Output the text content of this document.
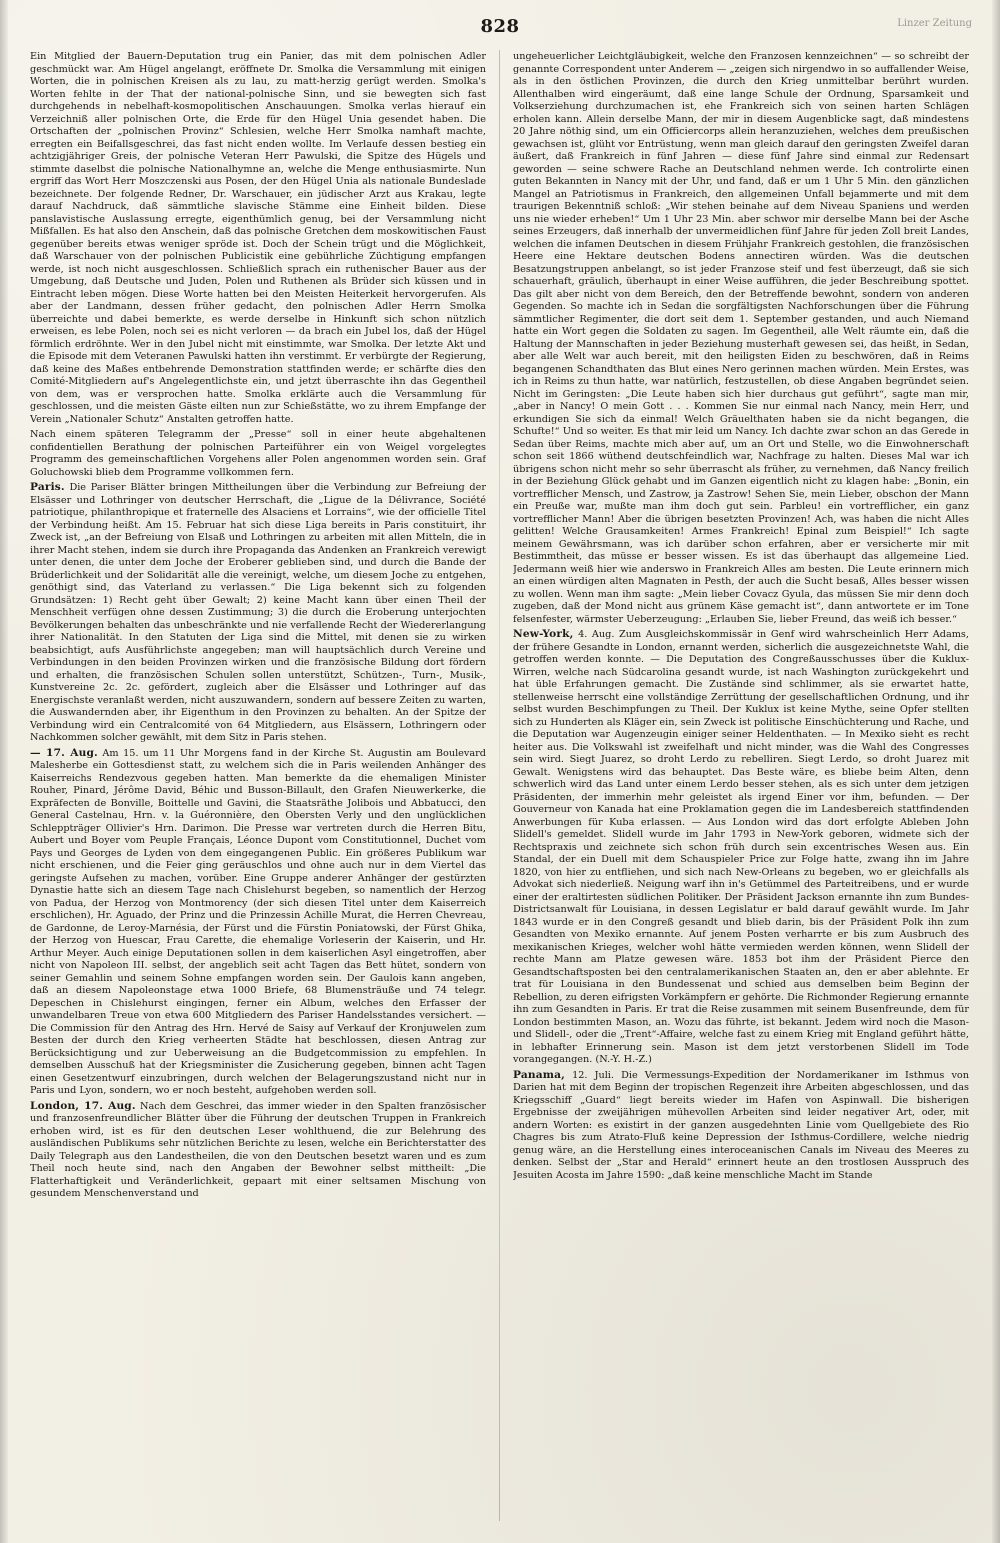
828	Linzer Zeitung

Ein Mitglied der Bauern-Deputation trug ein Panier, das mit dem polnischen Adler geschmückt war. Am Hügel angelangt, eröffnete Dr. Smolka die Versammlung mit einigen Worten, die in polnischen Kreisen als zu lau, zu matt-herzig gerügt werden. Smolka's Worten fehlte in der That der national-polnische Sinn, und sie bewegten sich fast durchgehends in nebelhaft-kosmopolitischen Anschauungen. Smolka verlas hierauf ein Verzeichniß aller polnischen Orte, die Erde für den Hügel Unia gesendet haben. Die Ortschaften der „polnischen Provinz“ Schlesien, welche Herr Smolka namhaft machte, erregten ein Beifallsgeschrei, das fast nicht enden wollte. Im Verlaufe dessen bestieg ein achtzigjähriger Greis, der polnische Veteran Herr Pawulski, die Spitze des Hügels und stimmte daselbst die polnische Nationalhymne an, welche die Menge enthusiasmirte. Nun ergriff das Wort Herr Moszczenski aus Posen, der den Hügel Unia als nationale Bundeslade bezeichnete. Der folgende Redner, Dr. Warschauer, ein jüdischer Arzt aus Krakau, legte darauf Nachdruck, daß sämmtliche slavische Stämme eine Einheit bilden. Diese panslavistische Auslassung erregte, eigenthümlich genug, bei der Versammlung nicht Mißfallen. Es hat also den Anschein, daß das polnische Gretchen dem moskowitischen Faust gegenüber bereits etwas weniger spröde ist. Doch der Schein trügt und die Möglichkeit, daß Warschauer von der polnischen Publicistik eine gebührliche Züchtigung empfangen werde, ist noch nicht ausgeschlossen. Schließlich sprach ein ruthenischer Bauer aus der Umgebung, daß Deutsche und Juden, Polen und Ruthenen als Brüder sich küssen und in Eintracht leben mögen. Diese Worte hatten bei den Meisten Heiterkeit hervorgerufen. Als aber der Landmann, dessen früher gedacht, den polnischen Adler Herrn Smolka überreichte und dabei bemerkte, es werde derselbe in Hinkunft sich schon nützlich erweisen, es lebe Polen, noch sei es nicht verloren — da brach ein Jubel los, daß der Hügel förmlich erdröhnte. Wer in den Jubel nicht mit einstimmte, war Smolka. Der letzte Akt und die Episode mit dem Veteranen Pawulski hatten ihn verstimmt. Er verbürgte der Regierung, daß keine des Maßes entbehrende Demonstration stattfinden werde; er schärfte dies den Comité-Mitgliedern auf's Angelegentlichste ein, und jetzt überraschte ihn das Gegentheil von dem, was er versprochen hatte. Smolka erklärte auch die Versammlung für geschlossen, und die meisten Gäste eilten nun zur Schießstätte, wo zu ihrem Empfange der Verein „Nationaler Schutz“ Anstalten getroffen hatte.

Nach einem späteren Telegramm der „Presse“ soll in einer heute abgehaltenen confidentiellen Berathung der polnischen Parteiführer ein von Weigel vorgelegtes Programm des gemeinschaftlichen Vorgehens aller Polen angenommen worden sein. Graf Goluchowski blieb dem Programme vollkommen fern.

Paris. Die Pariser Blätter bringen Mittheilungen über die Verbindung zur Befreiung der Elsässer und Lothringer von deutscher Herrschaft, die „Ligue de la Délivrance, Société patriotique, philanthropique et fraternelle des Alsaciens et Lorrains“, wie der officielle Titel der Verbindung heißt. Am 15. Februar hat sich diese Liga bereits in Paris constituirt, ihr Zweck ist, „an der Befreiung von Elsaß und Lothringen zu arbeiten mit allen Mitteln, die in ihrer Macht stehen, indem sie durch ihre Propaganda das Andenken an Frankreich verewigt unter denen, die unter dem Joche der Eroberer geblieben sind, und durch die Bande der Brüderlichkeit und der Solidarität alle die vereinigt, welche, um diesem Joche zu entgehen, genöthigt sind, das Vaterland zu verlassen.“ Die Liga bekennt sich zu folgenden Grundsätzen: 1) Recht geht über Gewalt; 2) keine Macht kann über einen Theil der Menschheit verfügen ohne dessen Zustimmung; 3) die durch die Eroberung unterjochten Bevölkerungen behalten das unbeschränkte und nie verfallende Recht der Wiedererlangung ihrer Nationalität. In den Statuten der Liga sind die Mittel, mit denen sie zu wirken beabsichtigt, aufs Ausführlichste angegeben; man will hauptsächlich durch Vereine und Verbindungen in den beiden Provinzen wirken und die französische Bildung dort fördern und erhalten, die französischen Schulen sollen unterstützt, Schützen-, Turn-, Musik-, Kunstvereine 2c. 2c. gefördert, zugleich aber die Elsässer und Lothringer auf das Energischste veranlaßt werden, nicht auszuwandern, sondern auf bessere Zeiten zu warten, die Auswandernden aber, ihr Eigenthum in den Provinzen zu behalten. An der Spitze der Verbindung wird ein Centralcomité von 64 Mitgliedern, aus Elsässern, Lothringern oder Nachkommen solcher gewählt, mit dem Sitz in Paris stehen.

— 17. Aug. Am 15. um 11 Uhr Morgens fand in der Kirche St. Augustin am Boulevard Malesherbe ein Gottesdienst statt, zu welchem sich die in Paris weilenden Anhänger des Kaiserreichs Rendezvous gegeben hatten. Man bemerkte da die ehemaligen Minister Rouher, Pinard, Jérôme David, Béhic und Busson-Billault, den Grafen Nieuwerkerke, die Expräfecten de Bonville, Boittelle und Gavini, die Staatsräthe Jolibois und Abbatucci, den General Castelnau, Hrn. v. la Guéronnière, den Obersten Verly und den unglücklichen Schleppträger Ollivier's Hrn. Darimon. Die Presse war vertreten durch die Herren Bitu, Aubert und Boyer vom Peuple Français, Léonce Dupont vom Constitutionnel, Duchet vom Pays und Georges de Lyden von dem eingegangenen Public. Ein größeres Publikum war nicht erschienen, und die Feier ging geräuschlos und ohne auch nur in dem Viertel das geringste Aufsehen zu machen, vorüber. Eine Gruppe anderer Anhänger der gestürzten Dynastie hatte sich an diesem Tage nach Chislehurst begeben, so namentlich der Herzog von Padua, der Herzog von Montmorency (der sich diesen Titel unter dem Kaiserreich erschlichen), Hr. Aguado, der Prinz und die Prinzessin Achille Murat, die Herren Chevreau, de Gardonne, de Leroy-Marnésia, der Fürst und die Fürstin Poniatowski, der Fürst Ghika, der Herzog von Huescar, Frau Carette, die ehemalige Vorleserin der Kaiserin, und Hr. Arthur Meyer. Auch einige Deputationen sollen in dem kaiserlichen Asyl eingetroffen, aber nicht von Napoleon III. selbst, der angeblich seit acht Tagen das Bett hütet, sondern von seiner Gemahlin und seinem Sohne empfangen worden sein. Der Gaulois kann angeben, daß an diesem Napoleonstage etwa 1000 Briefe, 68 Blumensträuße und 74 telegr. Depeschen in Chislehurst eingingen, ferner ein Album, welches den Erfasser der unwandelbaren Treue von etwa 600 Mitgliedern des Pariser Handelsstandes versichert. — Die Commission für den Antrag des Hrn. Hervé de Saisy auf Verkauf der Kronjuwelen zum Besten der durch den Krieg verheerten Städte hat beschlossen, diesen Antrag zur Berücksichtigung und zur Ueberweisung an die Budgetcommission zu empfehlen. In demselben Ausschuß hat der Kriegsminister die Zusicherung gegeben, binnen acht Tagen einen Gesetzentwurf einzubringen, durch welchen der Belagerungszustand nicht nur in Paris und Lyon, sondern, wo er noch besteht, aufgehoben werden soll.

London, 17. Aug. Nach dem Geschrei, das immer wieder in den Spalten französischer und franzosenfreundlicher Blätter über die Führung der deutschen Truppen in Frankreich erhoben wird, ist es für den deutschen Leser wohlthuend, die zur Belehrung des ausländischen Publikums sehr nützlichen Berichte zu lesen, welche ein Berichterstatter des Daily Telegraph aus den Landestheilen, die von den Deutschen besetzt waren und es zum Theil noch heute sind, nach den Angaben der Bewohner selbst mittheilt: „Die Flatterhaftigkeit und Veränderlichkeit, gepaart mit einer seltsamen Mischung von gesundem Menschenverstand und

ungeheuerlicher Leichtgläubigkeit, welche den Franzosen kennzeichnen“ — so schreibt der genannte Correspondent unter Anderem — „zeigen sich nirgendwo in so auffallender Weise, als in den östlichen Provinzen, die durch den Krieg unmittelbar berührt wurden. Allenthalben wird eingeräumt, daß eine lange Schule der Ordnung, Sparsamkeit und Volkserziehung durchzumachen ist, ehe Frankreich sich von seinen harten Schlägen erholen kann. Allein derselbe Mann, der mir in diesem Augenblicke sagt, daß mindestens 20 Jahre nöthig sind, um ein Officiercorps allein heranzuziehen, welches dem preußischen gewachsen ist, glüht vor Entrüstung, wenn man gleich darauf den geringsten Zweifel daran äußert, daß Frankreich in fünf Jahren — diese fünf Jahre sind einmal zur Redensart geworden — seine schwere Rache an Deutschland nehmen werde. Ich controlirte einen guten Bekannten in Nancy mit der Uhr, und fand, daß er um 1 Uhr 5 Min. den gänzlichen Mangel an Patriotismus in Frankreich, den allgemeinen Unfall bejammerte und mit dem traurigen Bekenntniß schloß: „Wir stehen beinahe auf dem Niveau Spaniens und werden uns nie wieder erheben!“ Um 1 Uhr 23 Min. aber schwor mir derselbe Mann bei der Asche seines Erzeugers, daß innerhalb der unvermeidlichen fünf Jahre für jeden Zoll breit Landes, welchen die infamen Deutschen in diesem Frühjahr Frankreich gestohlen, die französischen Heere eine Hektare deutschen Bodens annectiren würden. Was die deutschen Besatzungstruppen anbelangt, so ist jeder Franzose steif und fest überzeugt, daß sie sich schauerhaft, gräulich, überhaupt in einer Weise aufführen, die jeder Beschreibung spottet. Das gilt aber nicht von dem Bereich, den der Betreffende bewohnt, sondern von anderen Gegenden. So machte ich in Sedan die sorgfältigsten Nachforschungen über die Führung sämmtlicher Regimenter, die dort seit dem 1. September gestanden, und auch Niemand hatte ein Wort gegen die Soldaten zu sagen. Im Gegentheil, alle Welt räumte ein, daß die Haltung der Mannschaften in jeder Beziehung musterhaft gewesen sei, das heißt, in Sedan, aber alle Welt war auch bereit, mit den heiligsten Eiden zu beschwören, daß in Reims begangenen Schandthaten das Blut eines Nero gerinnen machen würden. Mein Erstes, was ich in Reims zu thun hatte, war natürlich, festzustellen, ob diese Angaben begründet seien. Nicht im Geringsten: „Die Leute haben sich hier durchaus gut geführt“, sagte man mir, „aber in Nancy! O mein Gott . . . Kommen Sie nur einmal nach Nancy, mein Herr, und erkundigen Sie sich da einmal! Welch Gräuelthaten haben sie da nicht begangen, die Schufte!“ Und so weiter. Es that mir leid um Nancy. Ich dachte zwar schon an das Gerede in Sedan über Reims, machte mich aber auf, um an Ort und Stelle, wo die Einwohnerschaft schon seit 1866 wüthend deutschfeindlich war, Nachfrage zu halten. Dieses Mal war ich übrigens schon nicht mehr so sehr überrascht als früher, zu vernehmen, daß Nancy freilich in der Beziehung Glück gehabt und im Ganzen eigentlich nicht zu klagen habe: „Bonin, ein vortrefflicher Mensch, und Zastrow, ja Zastrow! Sehen Sie, mein Lieber, obschon der Mann ein Preuße war, mußte man ihm doch gut sein. Parbleu! ein vortrefflicher, ein ganz vortrefflicher Mann! Aber die übrigen besetzten Provinzen! Ach, was haben die nicht Alles gelitten! Welche Grausamkeiten! Armes Frankreich! Epinal zum Beispiel!“ Ich sagte meinem Gewährsmann, was ich darüber schon erfahren, aber er versicherte mir mit Bestimmtheit, das müsse er besser wissen. Es ist das überhaupt das allgemeine Lied. Jedermann weiß hier wie anderswo in Frankreich Alles am besten. Die Leute erinnern mich an einen würdigen alten Magnaten in Pesth, der auch die Sucht besaß, Alles besser wissen zu wollen. Wenn man ihm sagte: „Mein lieber Covacz Gyula, das müssen Sie mir denn doch zugeben, daß der Mond nicht aus grünem Käse gemacht ist“, dann antwortete er im Tone felsenfester, wärmster Ueberzeugung: „Erlauben Sie, lieber Freund, das weiß ich besser.“

New-York, 4. Aug. Zum Ausgleichskommissär in Genf wird wahrscheinlich Herr Adams, der frühere Gesandte in London, ernannt werden, sicherlich die ausgezeichnetste Wahl, die getroffen werden konnte. — Die Deputation des Congreßausschusses über die Kuklux-Wirren, welche nach Südcarolina gesandt wurde, ist nach Washington zurückgekehrt und hat üble Erfahrungen gemacht. Die Zustände sind schlimmer, als sie erwartet hatte, stellenweise herrscht eine vollständige Zerrüttung der gesellschaftlichen Ordnung, und ihr selbst wurden Beschimpfungen zu Theil. Der Kuklux ist keine Mythe, seine Opfer stellten sich zu Hunderten als Kläger ein, sein Zweck ist politische Einschüchterung und Rache, und die Deputation war Augenzeugin einiger seiner Heldenthaten. — In Mexiko sieht es recht heiter aus. Die Volkswahl ist zweifelhaft und nicht minder, was die Wahl des Congresses sein wird. Siegt Juarez, so droht Lerdo zu rebelliren. Siegt Lerdo, so droht Juarez mit Gewalt. Wenigstens wird das behauptet. Das Beste wäre, es bliebe beim Alten, denn schwerlich wird das Land unter einem Lerdo besser stehen, als es sich unter dem jetzigen Präsidenten, der immerhin mehr geleistet als irgend Einer vor ihm, befunden. — Der Gouverneur von Kanada hat eine Proklamation gegen die im Landesbereich stattfindenden Anwerbungen für Kuba erlassen. — Aus London wird das dort erfolgte Ableben John Slidell's gemeldet. Slidell wurde im Jahr 1793 in New-York geboren, widmete sich der Rechtspraxis und zeichnete sich schon früh durch sein excentrisches Wesen aus. Ein Standal, der ein Duell mit dem Schauspieler Price zur Folge hatte, zwang ihn im Jahre 1820, von hier zu entfliehen, und sich nach New-Orleans zu begeben, wo er gleichfalls als Advokat sich niederließ. Neigung warf ihn in's Getümmel des Parteitreibens, und er wurde einer der eraltirtesten südlichen Politiker. Der Präsident Jackson ernannte ihn zum Bundes-Districtsanwalt für Louisiana, in dessen Legislatur er bald darauf gewählt wurde. Im Jahr 1843 wurde er in den Congreß gesandt und blieb darin, bis der Präsident Polk ihn zum Gesandten von Mexiko ernannte. Auf jenem Posten verharrte er bis zum Ausbruch des mexikanischen Krieges, welcher wohl hätte vermieden werden können, wenn Slidell der rechte Mann am Platze gewesen wäre. 1853 bot ihm der Präsident Pierce den Gesandtschaftsposten bei den centralamerikanischen Staaten an, den er aber ablehnte. Er trat für Louisiana in den Bundessenat und schied aus demselben beim Beginn der Rebellion, zu deren eifrigsten Vorkämpfern er gehörte. Die Richmonder Regierung ernannte ihn zum Gesandten in Paris. Er trat die Reise zusammen mit seinem Busenfreunde, dem für London bestimmten Mason, an. Wozu das führte, ist bekannt. Jedem wird noch die Mason- und Slidell-, oder die „Trent“-Affaire, welche fast zu einem Krieg mit England geführt hätte, in lebhafter Erinnerung sein. Mason ist dem jetzt verstorbenen Slidell im Tode vorangegangen. (N.-Y. H.-Z.)

Panama, 12. Juli. Die Vermessungs-Expedition der Nordamerikaner im Isthmus von Darien hat mit dem Beginn der tropischen Regenzeit ihre Arbeiten abgeschlossen, und das Kriegsschiff „Guard“ liegt bereits wieder im Hafen von Aspinwall. Die bisherigen Ergebnisse der zweijährigen mühevollen Arbeiten sind leider negativer Art, oder, mit andern Worten: es existirt in der ganzen ausgedehnten Linie vom Quellgebiete des Rio Chagres bis zum Atrato-Fluß keine Depression der Isthmus-Cordillere, welche niedrig genug wäre, an die Herstellung eines interoceanischen Canals im Niveau des Meeres zu denken. Selbst der „Star and Herald“ erinnert heute an den trostlosen Ausspruch des Jesuiten Acosta im Jahre 1590: „daß keine menschliche Macht im Stande
